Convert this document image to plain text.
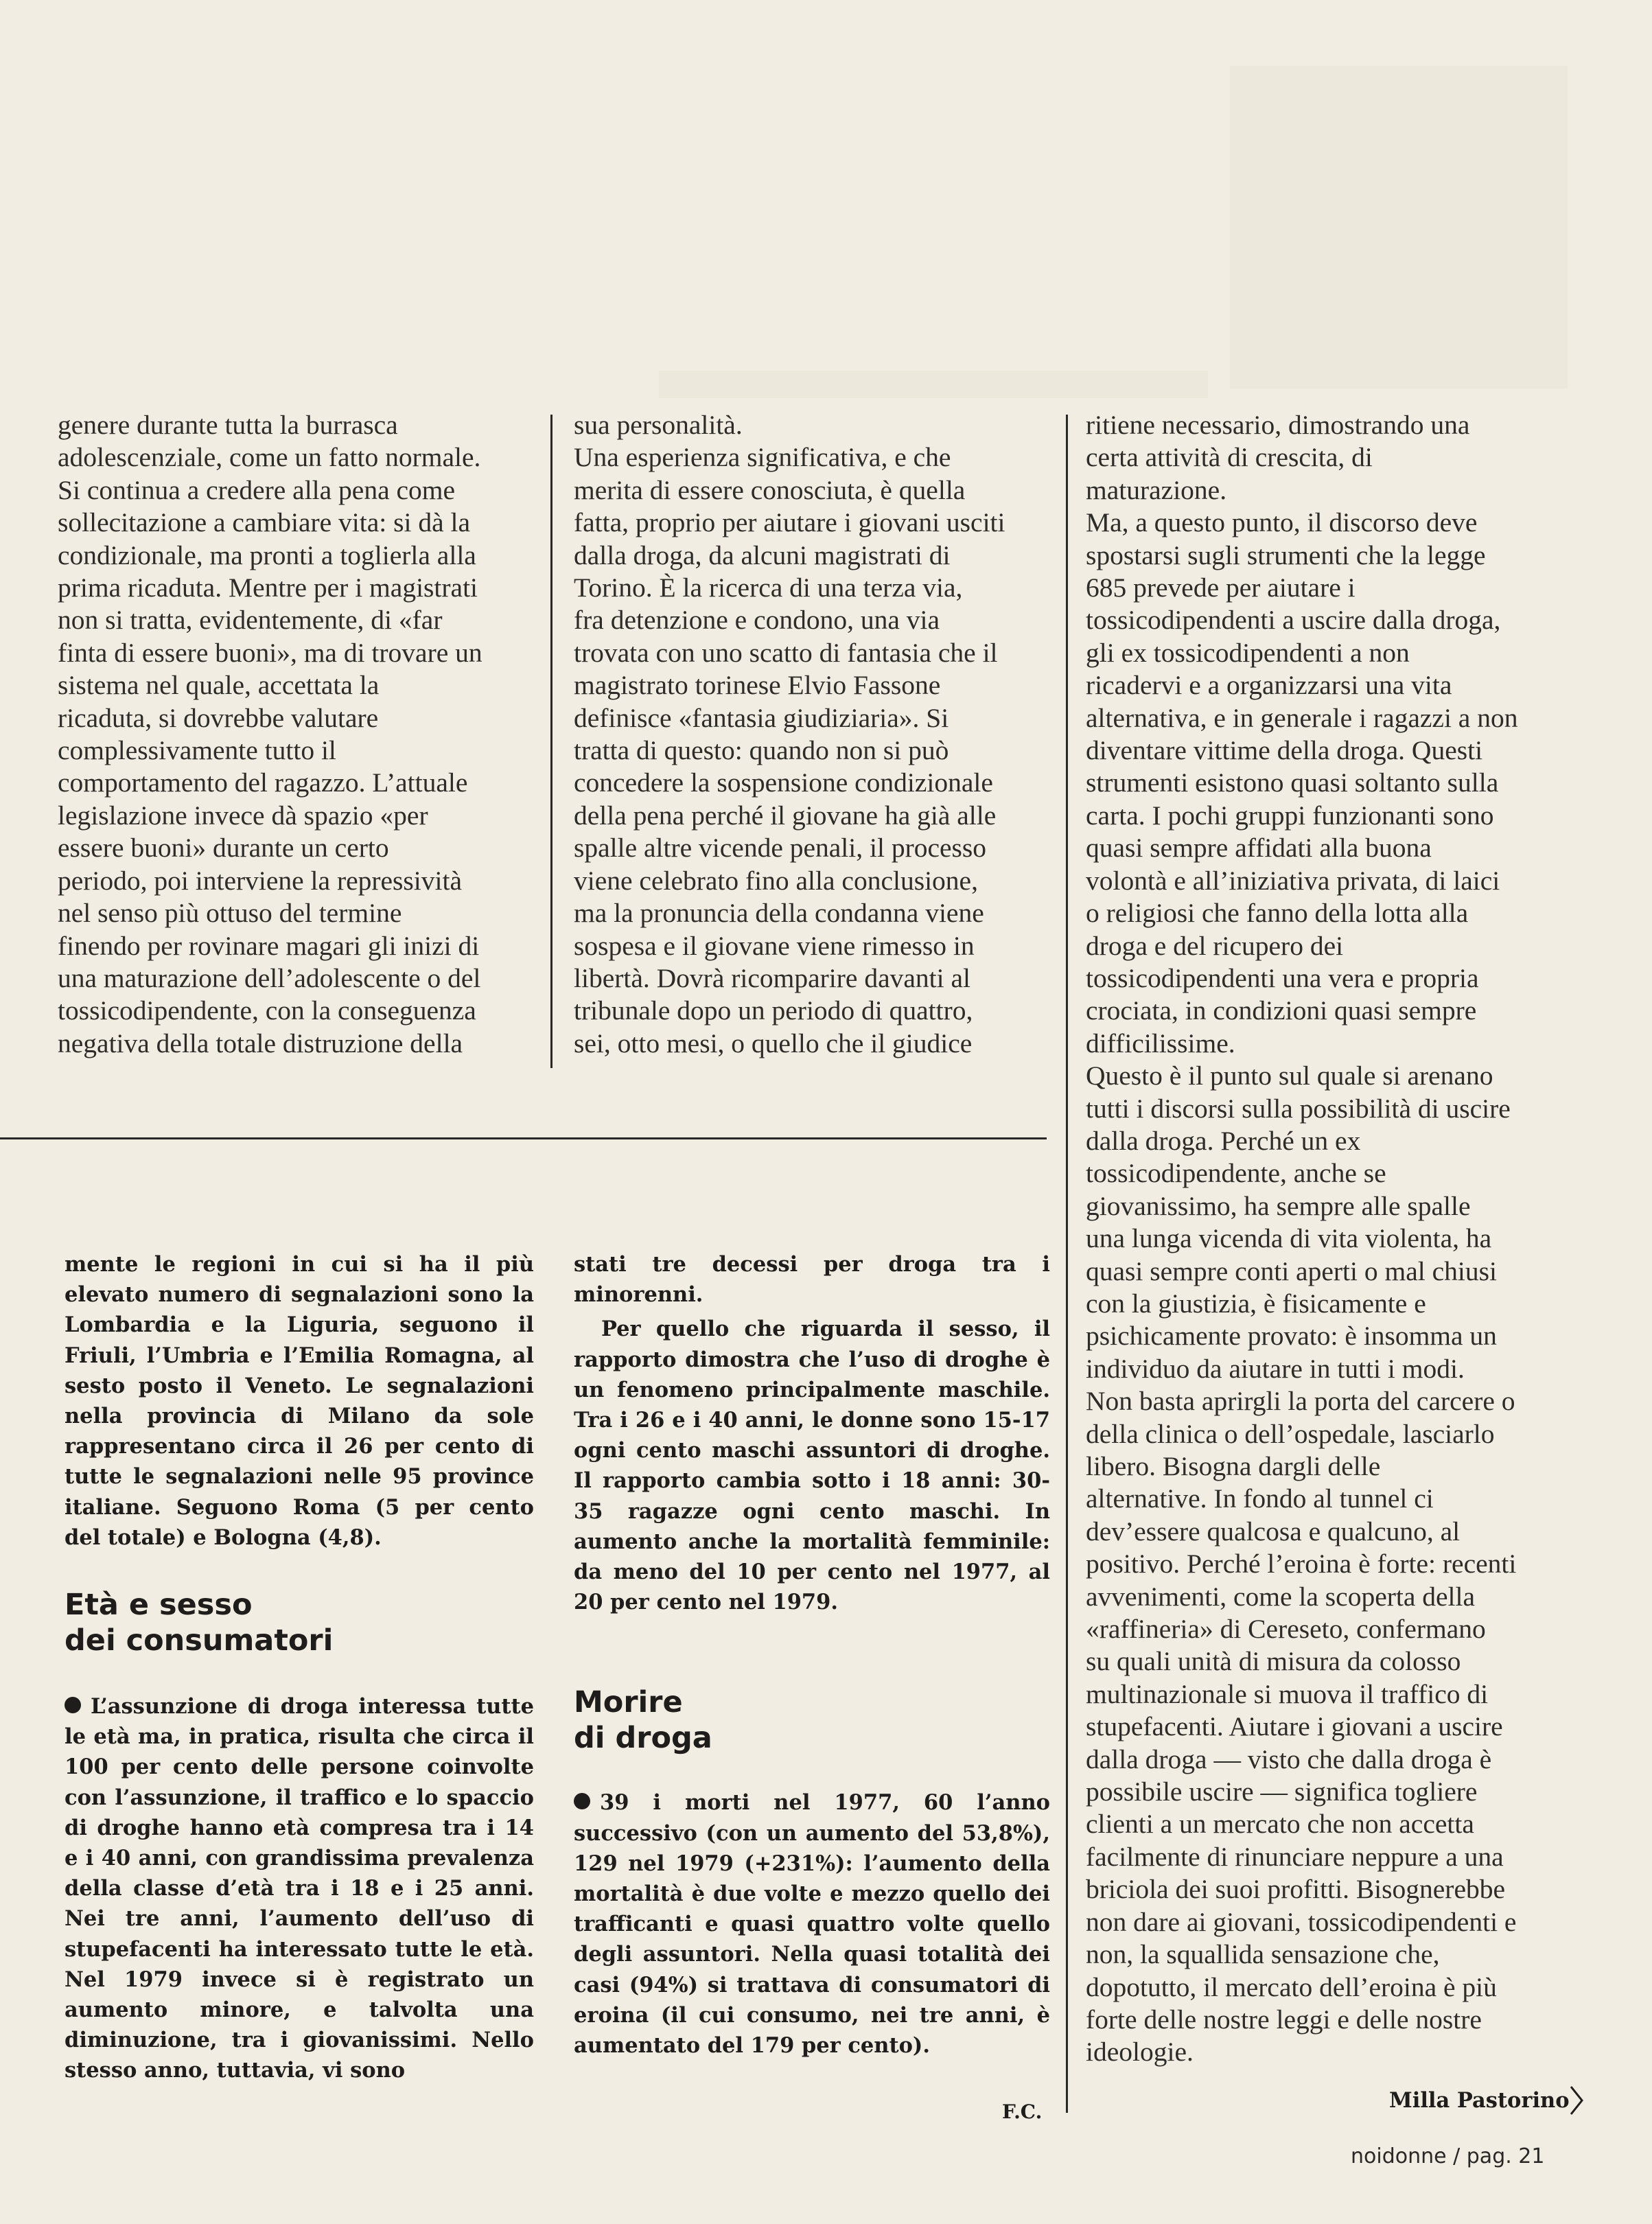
genere durante tutta la burrasca
adolescenziale, come un fatto normale.
Si continua a credere alla pena come
sollecitazione a cambiare vita: si dà la
condizionale, ma pronti a toglierla alla
prima ricaduta. Mentre per i magistrati
non si tratta, evidentemente, di «far
finta di essere buoni», ma di trovare un
sistema nel quale, accettata la
ricaduta, si dovrebbe valutare
complessivamente tutto il
comportamento del ragazzo. L’attuale
legislazione invece dà spazio «per
essere buoni» durante un certo
periodo, poi interviene la repressività
nel senso più ottuso del termine
finendo per rovinare magari gli inizi di
una maturazione dell’adolescente o del
tossicodipendente, con la conseguenza
negativa della totale distruzione della
sua personalità.
Una esperienza significativa, e che
merita di essere conosciuta, è quella
fatta, proprio per aiutare i giovani usciti
dalla droga, da alcuni magistrati di
Torino. È la ricerca di una terza via,
fra detenzione e condono, una via
trovata con uno scatto di fantasia che il
magistrato torinese Elvio Fassone
definisce «fantasia giudiziaria». Si
tratta di questo: quando non si può
concedere la sospensione condizionale
della pena perché il giovane ha già alle
spalle altre vicende penali, il processo
viene celebrato fino alla conclusione,
ma la pronuncia della condanna viene
sospesa e il giovane viene rimesso in
libertà. Dovrà ricomparire davanti al
tribunale dopo un periodo di quattro,
sei, otto mesi, o quello che il giudice
ritiene necessario, dimostrando una
certa attività di crescita, di
maturazione.
Ma, a questo punto, il discorso deve
spostarsi sugli strumenti che la legge
685 prevede per aiutare i
tossicodipendenti a uscire dalla droga,
gli ex tossicodipendenti a non
ricadervi e a organizzarsi una vita
alternativa, e in generale i ragazzi a non
diventare vittime della droga. Questi
strumenti esistono quasi soltanto sulla
carta. I pochi gruppi funzionanti sono
quasi sempre affidati alla buona
volontà e all’iniziativa privata, di laici
o religiosi che fanno della lotta alla
droga e del ricupero dei
tossicodipendenti una vera e propria
crociata, in condizioni quasi sempre
difficilissime.
Questo è il punto sul quale si arenano
tutti i discorsi sulla possibilità di uscire
dalla droga. Perché un ex
tossicodipendente, anche se
giovanissimo, ha sempre alle spalle
una lunga vicenda di vita violenta, ha
quasi sempre conti aperti o mal chiusi
con la giustizia, è fisicamente e
psichicamente provato: è insomma un
individuo da aiutare in tutti i modi.
Non basta aprirgli la porta del carcere o
della clinica o dell’ospedale, lasciarlo
libero. Bisogna dargli delle
alternative. In fondo al tunnel ci
dev’essere qualcosa e qualcuno, al
positivo. Perché l’eroina è forte: recenti
avvenimenti, come la scoperta della
«raffineria» di Cereseto, confermano
su quali unità di misura da colosso
multinazionale si muova il traffico di
stupefacenti. Aiutare i giovani a uscire
dalla droga — visto che dalla droga è
possibile uscire — significa togliere
clienti a un mercato che non accetta
facilmente di rinunciare neppure a una
briciola dei suoi profitti. Bisognerebbe
non dare ai giovani, tossicodipendenti e
non, la squallida sensazione che,
dopotutto, il mercato dell’eroina è più
forte delle nostre leggi e delle nostre
ideologie.
Milla Pastorino

mente le regioni in cui si ha il più elevato numero di segnalazioni sono la Lombardia e la Liguria, seguono il Friuli, l’Umbria e l’Emilia Romagna, al sesto posto il Veneto. Le segnalazioni nella provincia di Milano da sole rappresentano circa il 26 per cento di tutte le segnalazioni nelle 95 province italiane. Seguono Roma (5 per cento del totale) e Bologna (4,8).

Età e sesso
dei consumatori

L’assunzione di droga interessa tutte le età ma, in pratica, risulta che circa il 100 per cento delle persone coinvolte con l’assunzione, il traffico e lo spaccio di droghe hanno età compresa tra i 14 e i 40 anni, con grandissima prevalenza della classe d’età tra i 18 e i 25 anni. Nei tre anni, l’aumento dell’uso di stupefacenti ha interessato tutte le età. Nel 1979 invece si è registrato un aumento minore, e talvolta una diminuzione, tra i giovanissimi. Nello stesso anno, tuttavia, vi sono

stati tre decessi per droga tra i minorenni.

Per quello che riguarda il sesso, il rapporto dimostra che l’uso di droghe è un fenomeno principalmente maschile. Tra i 26 e i 40 anni, le donne sono 15-17 ogni cento maschi assuntori di droghe. Il rapporto cambia sotto i 18 anni: 30-35 ragazze ogni cento maschi. In aumento anche la mortalità femminile: da meno del 10 per cento nel 1977, al 20 per cento nel 1979.

Morire
di droga

39 i morti nel 1977, 60 l’anno successivo (con un aumento del 53,8%), 129 nel 1979 (+231%): l’aumento della mortalità è due volte e mezzo quello dei trafficanti e quasi quattro volte quello degli assuntori. Nella quasi totalità dei casi (94%) si trattava di consumatori di eroina (il cui consumo, nei tre anni, è aumentato del 179 per cento).

F.C.
noidonne / pag. 21
